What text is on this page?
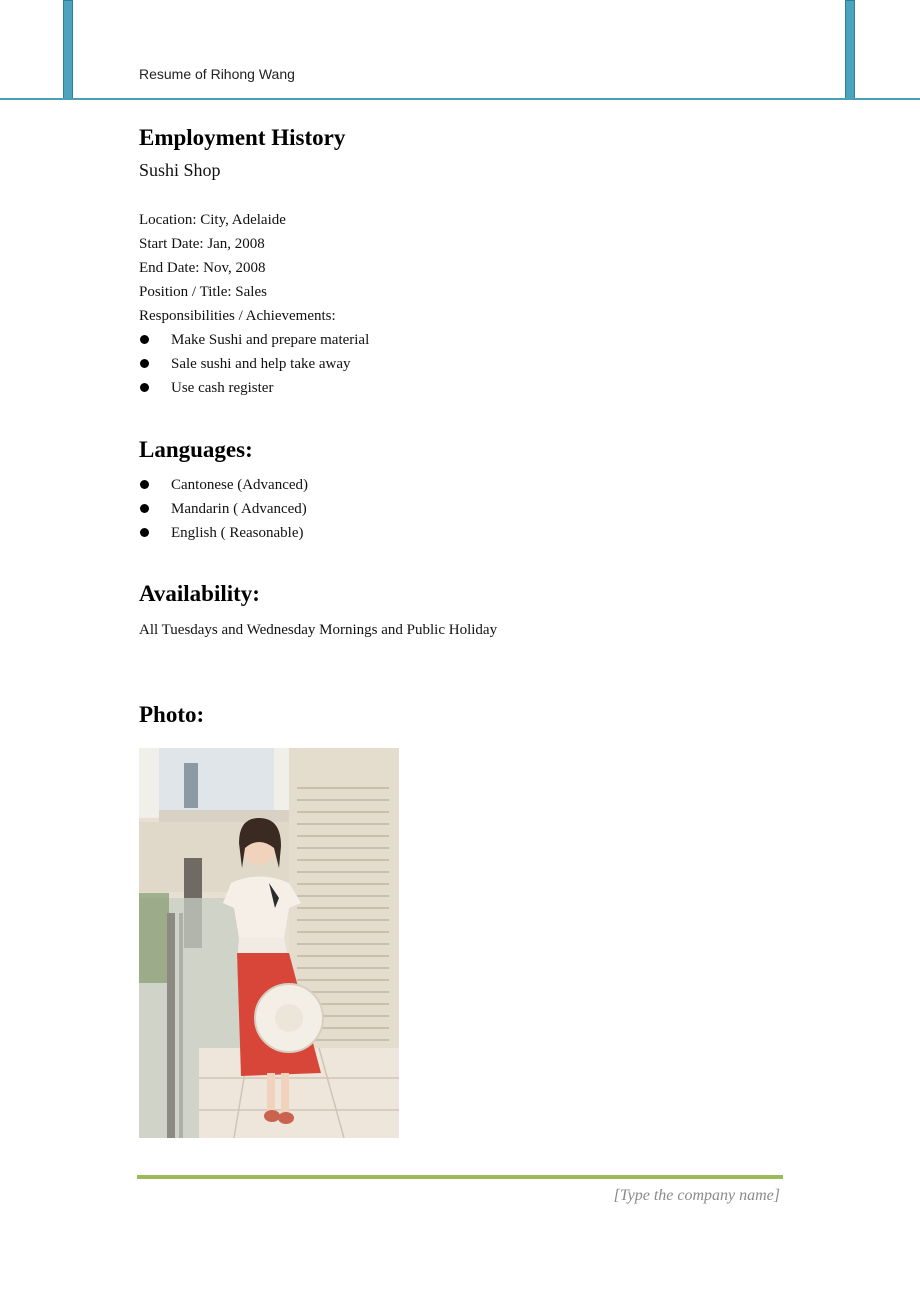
Resume of Rihong Wang
Employment History
Sushi Shop
Location: City, Adelaide
Start Date: Jan, 2008
End Date: Nov, 2008
Position / Title: Sales
Responsibilities / Achievements:
Make Sushi and prepare material
Sale sushi and help take away
Use cash register
Languages:
Cantonese (Advanced)
Mandarin ( Advanced)
English ( Reasonable)
Availability:
All Tuesdays and Wednesday Mornings and Public Holiday
Photo:
[Type the company name]
